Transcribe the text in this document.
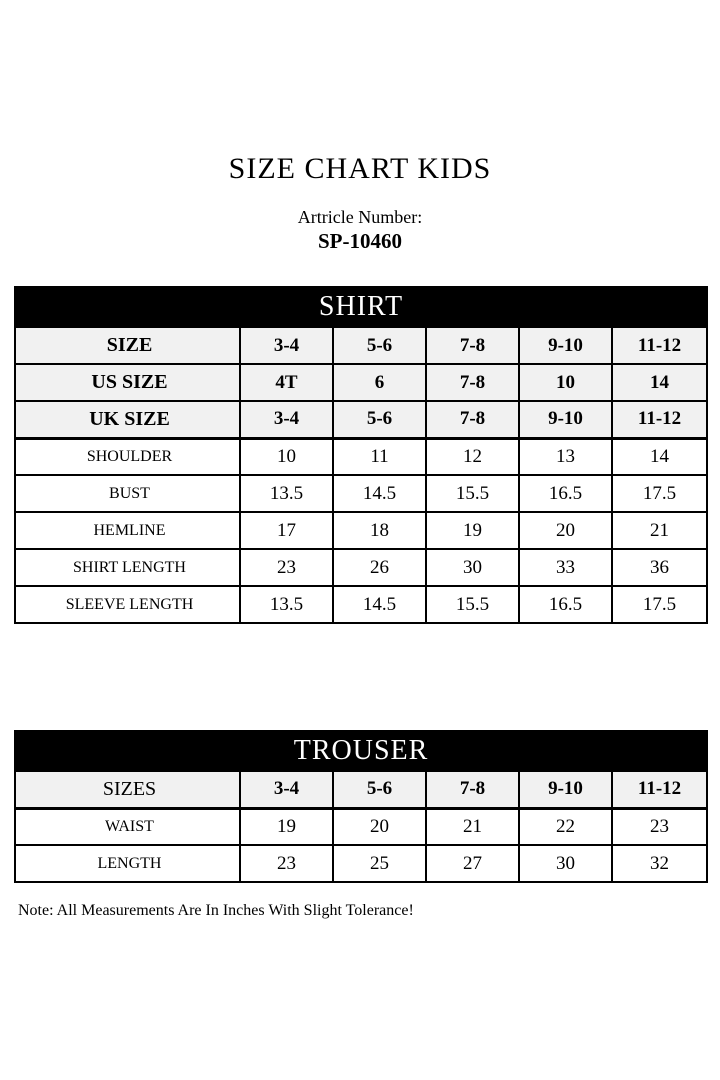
SIZE CHART KIDS
Artricle Number:
SP-10460
SHIRT					
SIZE	3-4	5-6	7-8	9-10	11-12
US SIZE	4T	6	7-8	10	14
UK SIZE	3-4	5-6	7-8	9-10	11-12
SHOULDER	10	11	12	13	14
BUST	13.5	14.5	15.5	16.5	17.5
HEMLINE	17	18	19	20	21
SHIRT LENGTH	23	26	30	33	36
SLEEVE LENGTH	13.5	14.5	15.5	16.5	17.5
TROUSER					
SIZES	3-4	5-6	7-8	9-10	11-12
WAIST	19	20	21	22	23
LENGTH	23	25	27	30	32

Note: All Measurements Are In Inches With Slight Tolerance!
